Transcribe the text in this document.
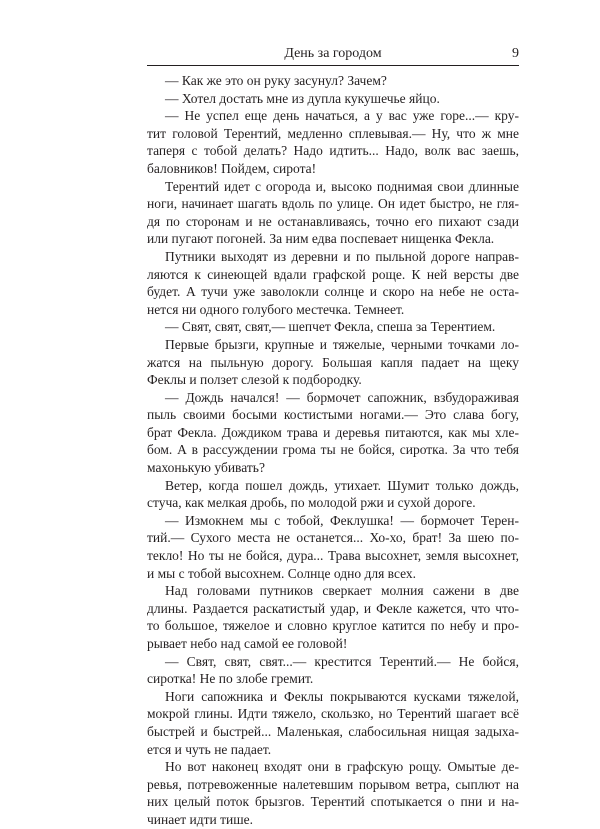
День за городом	9

— Как же это он руку засунул? Зачем?

— Хотел достать мне из дупла кукушечье яйцо.

— Не успел еще день начаться, а у вас уже горе...— кру-
тит головой Терентий, медленно сплевывая.— Ну, что ж мне
таперя с тобой делать? Надо идтить... Надо, волк вас заешь,
баловников! Пойдем, сирота!

Терентий идет с огорода и, высоко поднимая свои длинные
ноги, начинает шагать вдоль по улице. Он идет быстро, не гля-
дя по сторонам и не останавливаясь, точно его пихают сзади
или пугают погоней. За ним едва поспевает нищенка Фекла.

Путники выходят из деревни и по пыльной дороге направ-
ляются к синеющей вдали графской роще. К ней версты две
будет. А тучи уже заволокли солнце и скоро на небе не оста-
нется ни одного голубого местечка. Темнеет.

— Свят, свят, свят,— шепчет Фекла, спеша за Терентием.

Первые брызги, крупные и тяжелые, черными точками ло-
жатся на пыльную дорогу. Большая капля падает на щеку
Феклы и ползет слезой к подбородку.

— Дождь начался! — бормочет сапожник, взбудораживая
пыль своими босыми костистыми ногами.— Это слава богу,
брат Фекла. Дождиком трава и деревья питаются, как мы хле-
бом. А в рассуждении грома ты не бойся, сиротка. За что тебя
махонькую убивать?

Ветер, когда пошел дождь, утихает. Шумит только дождь,
стуча, как мелкая дробь, по молодой ржи и сухой дороге.

— Измокнем мы с тобой, Феклушка! — бормочет Терен-
тий.— Сухого места не останется... Хо-хо, брат! За шею по-
текло! Но ты не бойся, дура... Трава высохнет, земля высохнет,
и мы с тобой высохнем. Солнце одно для всех.

Над головами путников сверкает молния сажени в две
длины. Раздается раскатистый удар, и Фекле кажется, что что-
то большое, тяжелое и словно круглое катится по небу и про-
рывает небо над самой ее головой!

— Свят, свят, свят...— крестится Терентий.— Не бойся,
сиротка! Не по злобе гремит.

Ноги сапожника и Феклы покрываются кусками тяжелой,
мокрой глины. Идти тяжело, скользко, но Терентий шагает всё
быстрей и быстрей... Маленькая, слабосильная нищая задыха-
ется и чуть не падает.

Но вот наконец входят они в графскую рощу. Омытые де-
ревья, потревоженные налетевшим порывом ветра, сыплют на
них целый поток брызгов. Терентий спотыкается о пни и на-
чинает идти тише.
